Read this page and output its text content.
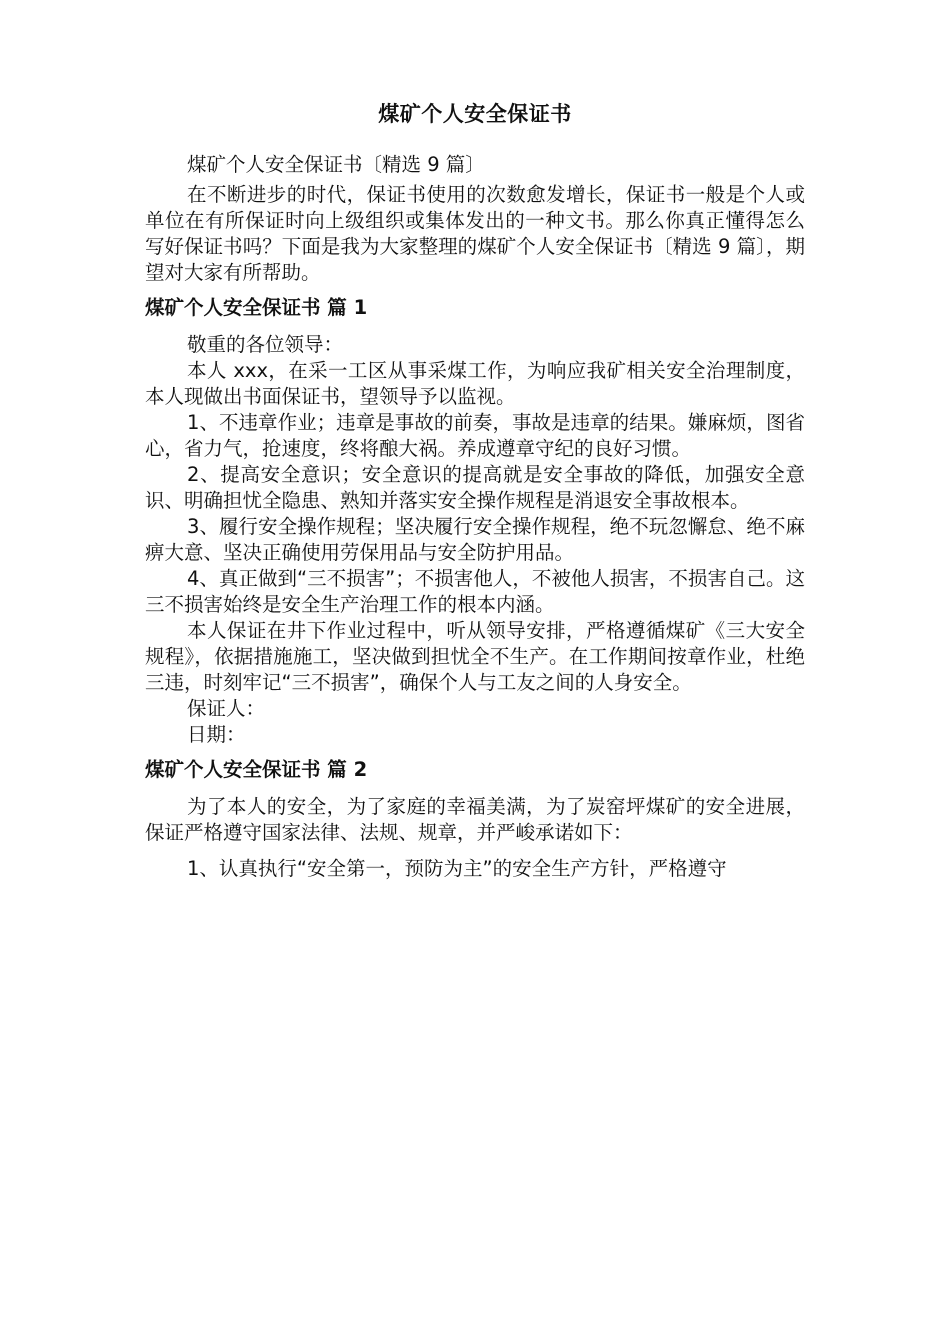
煤矿个人安全保证书

煤矿个人安全保证书〔精选 9 篇〕

在不断进步的时代，保证书使用的次数愈发增长，保证书一般是个人或单位在有所保证时向上级组织或集体发出的一种文书。那么你真正懂得怎么写好保证书吗？下面是我为大家整理的煤矿个人安全保证书〔精选 9 篇〕，期望对大家有所帮助。

煤矿个人安全保证书 篇 1

敬重的各位领导：

本人 xxx，在采一工区从事采煤工作，为响应我矿相关安全治理制度，本人现做出书面保证书，望领导予以监视。

1、不违章作业；违章是事故的前奏，事故是违章的结果。嫌麻烦，图省心，省力气，抢速度，终将酿大祸。养成遵章守纪的良好习惯。

2、提高安全意识；安全意识的提高就是安全事故的降低，加强安全意识、明确担忧全隐患、熟知并落实安全操作规程是消退安全事故根本。

3、履行安全操作规程；坚决履行安全操作规程，绝不玩忽懈怠、绝不麻痹大意、坚决正确使用劳保用品与安全防护用品。

4、真正做到“三不损害”；不损害他人，不被他人损害，不损害自己。这三不损害始终是安全生产治理工作的根本内涵。

本人保证在井下作业过程中，听从领导安排，严格遵循煤矿《三大安全规程》，依据措施施工，坚决做到担忧全不生产。在工作期间按章作业，杜绝三违，时刻牢记“三不损害”，确保个人与工友之间的人身安全。

保证人：

日期：

煤矿个人安全保证书 篇 2

为了本人的安全，为了家庭的幸福美满，为了炭窑坪煤矿的安全进展，保证严格遵守国家法律、法规、规章，并严峻承诺如下：

1、认真执行“安全第一，预防为主”的安全生产方针，严格遵守
